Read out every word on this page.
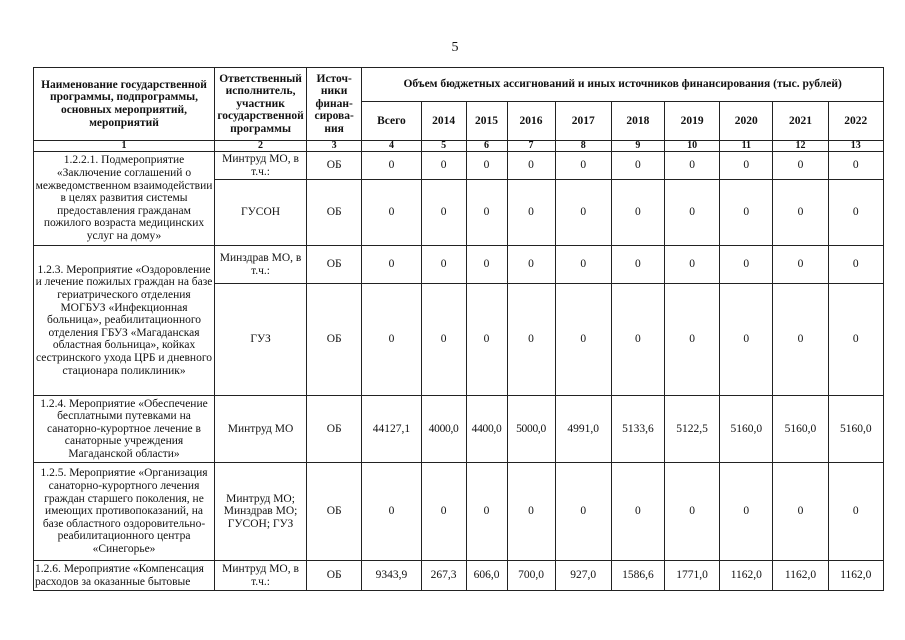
5
Наименование государственной программы, подпрограммы, основных мероприятий, мероприятий	Ответственный исполнитель, участник государственной программы	Источ-ники финан-сирова-ния	Объем бюджетных ассигнований и иных источников финансирования (тыс. рублей)									
			Всего	2014	2015	2016	2017	2018	2019	2020	2021	2022
1	2	3	4	5	6	7	8	9	10	11	12	13
1.2.2.1. Подмероприятие «Заключение соглашений о межведомственном взаимодействии в целях развития системы предоставления гражданам пожилого возраста медицинских услуг на дому»	Минтруд МО, в т.ч.:	ОБ	0	0	0	0	0	0	0	0	0	0
	ГУСОН	ОБ	0	0	0	0	0	0	0	0	0	0
1.2.3. Мероприятие «Оздоровление и лечение пожилых граждан на базе гериатрического отделения МОГБУЗ «Инфекционная больница», реабилитационного отделения ГБУЗ «Магаданская областная больница», койках сестринского ухода ЦРБ и дневного стационара поликлиник»	Минздрав МО, в т.ч.:	ОБ	0	0	0	0	0	0	0	0	0	0
	ГУЗ	ОБ	0	0	0	0	0	0	0	0	0	0
1.2.4. Мероприятие «Обеспечение бесплатными путевками на санаторно-курортное лечение в санаторные учреждения Магаданской области»	Минтруд МО	ОБ	44127,1	4000,0	4400,0	5000,0	4991,0	5133,6	5122,5	5160,0	5160,0	5160,0
1.2.5. Мероприятие «Организация санаторно-курортного лечения граждан старшего поколения, не имеющих противопоказаний, на базе областного оздоровительно-реабилитационного центра «Синегорье»	Минтруд МО; Минздрав МО; ГУСОН; ГУЗ	ОБ	0	0	0	0	0	0	0	0	0	0
1.2.6. Мероприятие «Компенсация расходов за оказанные бытовые	Минтруд МО, в т.ч.:	ОБ	9343,9	267,3	606,0	700,0	927,0	1586,6	1771,0	1162,0	1162,0	1162,0
